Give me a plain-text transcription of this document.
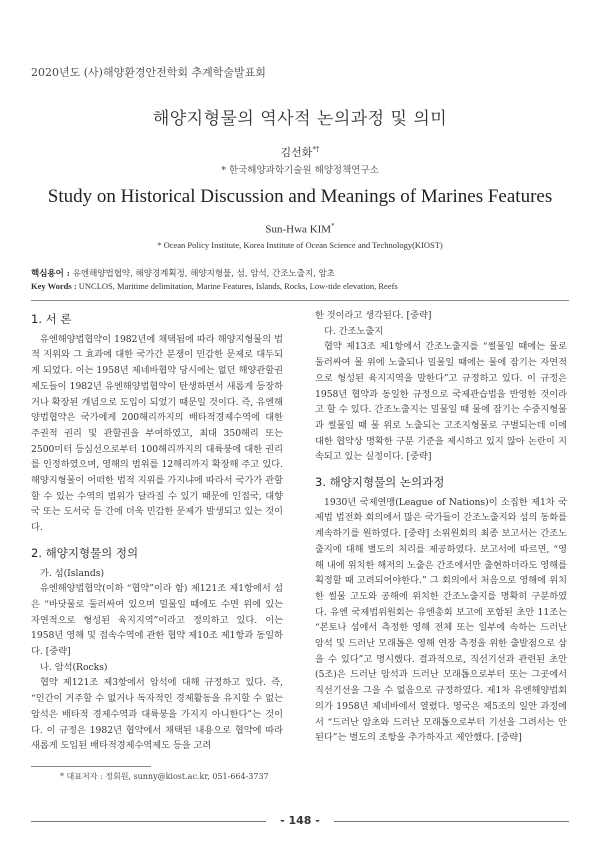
2020년도 (사)해양환경안전학회 추계학술발표회
해양지형물의 역사적 논의과정 및 의미
김선화*†
* 한국해양과학기술원 해양정책연구소
Study on Historical Discussion and Meanings of Marines Features
Sun-Hwa KIM*
* Ocean Policy Institute, Korea Institute of Ocean Science and Technology(KIOST)
핵심용어 : 유엔해양법협약, 해양경계획정, 해양지형물, 섬, 암석, 간조노출지, 암초
Key Words : UNCLOS, Maritime delimitation, Marine Features, Islands, Rocks, Low-tide elevation, Reefs
1. 서 론

유엔해양법협약이 1982년에 채택됨에 따라 해양지형물의 법적 지위와 그 효과에 대한 국가간 분쟁이 민감한 문제로 대두되게 되었다. 이는 1958년 제네바협약 당시에는 없던 해양관할권 제도들이 1982년 유엔해양법협약이 탄생하면서 새롭게 등장하거나 확장된 개념으로 도입이 되었기 때문일 것이다. 즉, 유엔해양법협약은 국가에게 200해리까지의 배타적경제수역에 대한 주권적 권리 및 관할권을 부여하였고, 최대 350해리 또는 2500미터 등심선으로부터 100해리까지의 대륙붕에 대한 권리를 인정하였으며, 영해의 범위를 12해리까지 확장해 주고 있다. 해양지형물이 어떠한 법적 지위를 가지냐에 따라서 국가가 관할할 수 있는 수역의 범위가 달라질 수 있기 때문에 인접국, 대향국 또는 도서국 등 간에 더욱 민감한 문제가 발생되고 있는 것이다.

2. 해양지형물의 정의

가. 섬(Islands)

유엔해양법협약(이하 “협약”이라 함) 제121조 제1항에서 섬은 “바닷물로 둘러싸여 있으며 밀물일 때에도 수면 위에 있는 자연적으로 형성된 육지지역”이라고 정의하고 있다. 이는 1958년 영해 및 접속수역에 관한 협약 제10조 제1항과 동일하다. [중략]

나. 암석(Rocks)

협약 제121조 제3항에서 암석에 대해 규정하고 있다. 즉, “인간이 거주할 수 없거나 독자적인 경제활동을 유지할 수 없는 암석은 배타적 경제수역과 대륙붕을 가지지 아니한다”는 것이다. 이 규정은 1982년 협약에서 채택된 내용으로 협약에 따라 새롭게 도입된 배타적경제수역제도 등을 고려

한 것이라고 생각된다. [중략]

다. 간조노출지

협약 제13조 제1항에서 간조노출지를 “썰물일 때에는 물로 둘러싸여 물 위에 노출되나 밀물일 때에는 물에 잠기는 자연적으로 형성된 육지지역을 말한다”고 규정하고 있다. 이 규정은 1958년 협약과 동일한 규정으로 국제관습법을 반영한 것이라고 할 수 있다. 간조노출지는 밀물일 때 물에 잠기는 수중지형물과 썰물일 때 물 위로 노출되는 고조지형물로 구별되는데 이에 대한 협약상 명확한 구분 기준을 제시하고 있지 않아 논란이 지속되고 있는 실정이다. [중략]

3. 해양지형물의 논의과정

1930년 국제연맹(League of Nations)이 소집한 제1차 국제법 법전화 회의에서 많은 국가들이 간조노출지와 섬의 동화를 계속하기를 원하였다. [중략] 소위원회의 최종 보고서는 간조노출지에 대해 별도의 처리를 제공하였다. 보고서에 따르면, “영해 내에 위치한 해저의 노출은 간조에서만 출현하더라도 영해를 획정할 때 고려되어야한다.” 그 회의에서 처음으로 영해에 위치한 썰물 고도와 공해에 위치한 간조노출지를 명확히 구분하였다. 유엔 국제법위원회는 유엔총회 보고에 포함된 초안 11조는 “본토나 섬에서 측정한 영해 전체 또는 일부에 속하는 드러난 암석 및 드러난 모래톱은 영해 연장 측정을 위한 출발점으로 삼을 수 있다”고 명시했다. 결과적으로, 직선기선과 관련된 초안(5조)은 드러난 암석과 드러난 모래톱으로부터 또는 그곳에서 직선기선을 그을 수 없음으로 규정하였다. 제1차 유엔해양법회의가 1958년 제네바에서 열렸다. 영국은 제5조의 일안 과정에서 “드러난 암초와 드러난 모래톱으로부터 기선을 그려서는 안된다”는 별도의 조항을 추가하자고 제안했다. [중략]

* 대표저자 : 정회원, sunny@kiost.ac.kr, 051-664-3737
- 148 -
